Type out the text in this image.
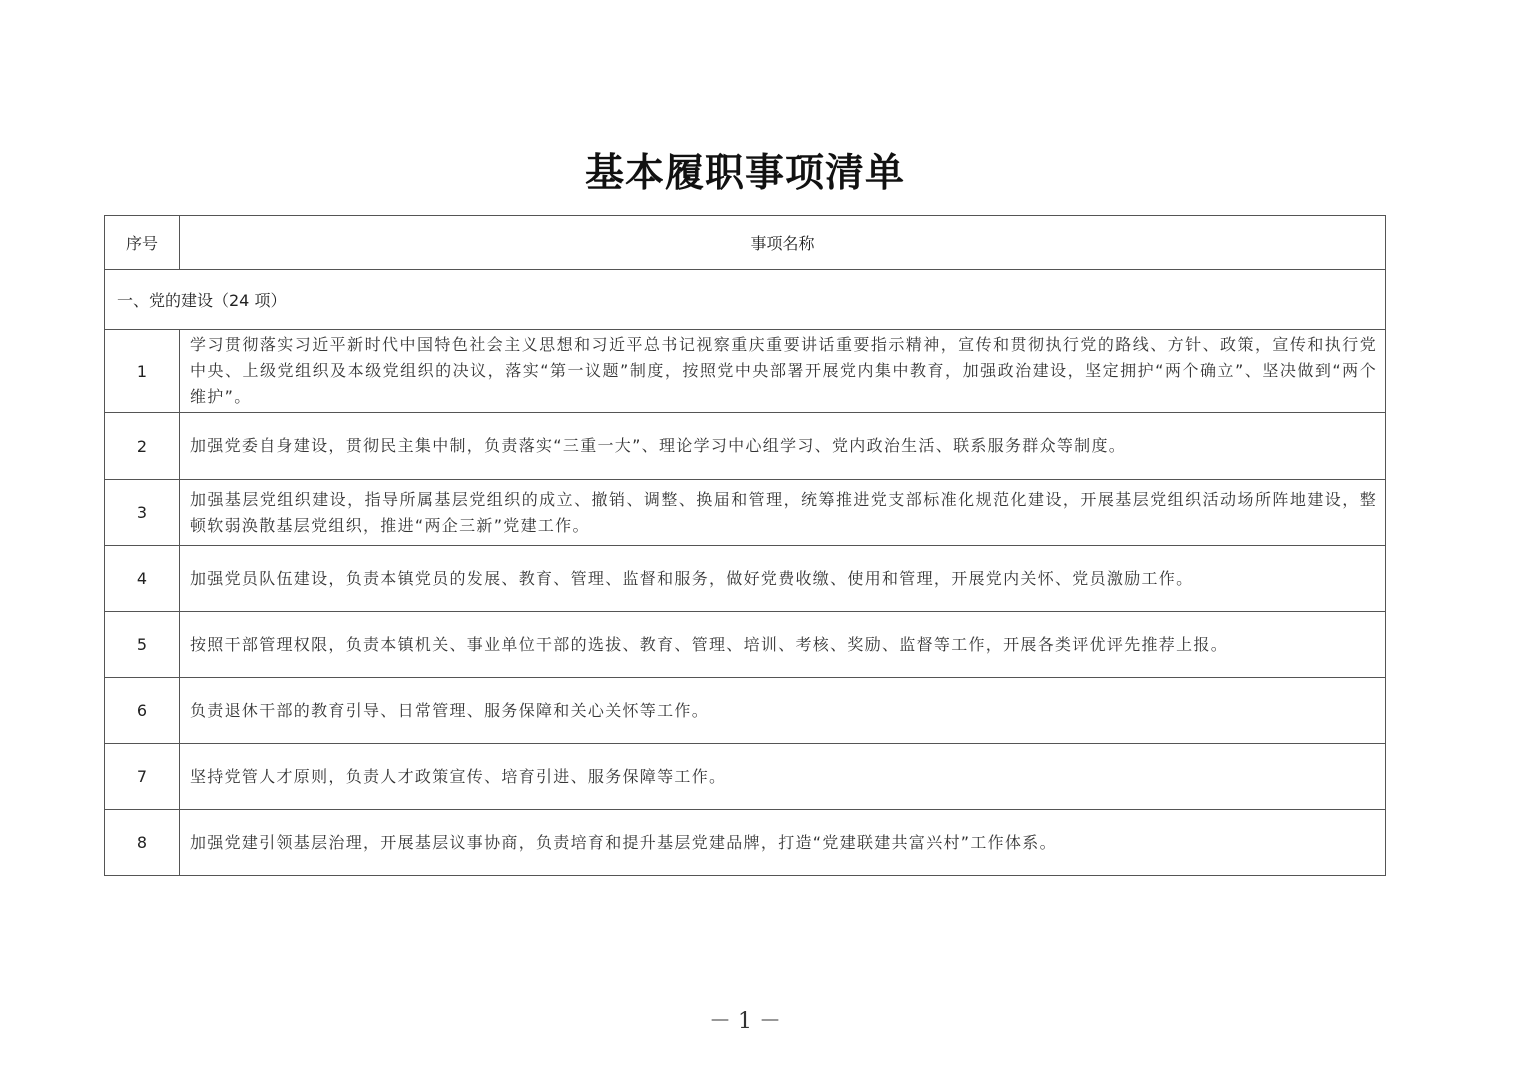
基本履职事项清单
序号	事项名称
一、党的建设（24 项）	
1	学习贯彻落实习近平新时代中国特色社会主义思想和习近平总书记视察重庆重要讲话重要指示精神，宣传和贯彻执行党的路线、方针、政策，宣传和执行党中央、上级党组织及本级党组织的决议，落实“第一议题”制度，按照党中央部署开展党内集中教育，加强政治建设，坚定拥护“两个确立”、坚决做到“两个维护”。
2	加强党委自身建设，贯彻民主集中制，负责落实“三重一大”、理论学习中心组学习、党内政治生活、联系服务群众等制度。
3	加强基层党组织建设，指导所属基层党组织的成立、撤销、调整、换届和管理，统筹推进党支部标准化规范化建设，开展基层党组织活动场所阵地建设，整顿软弱涣散基层党组织，推进“两企三新”党建工作。
4	加强党员队伍建设，负责本镇党员的发展、教育、管理、监督和服务，做好党费收缴、使用和管理，开展党内关怀、党员激励工作。
5	按照干部管理权限，负责本镇机关、事业单位干部的选拔、教育、管理、培训、考核、奖励、监督等工作，开展各类评优评先推荐上报。
6	负责退休干部的教育引导、日常管理、服务保障和关心关怀等工作。
7	坚持党管人才原则，负责人才政策宣传、培育引进、服务保障等工作。
8	加强党建引领基层治理，开展基层议事协商，负责培育和提升基层党建品牌，打造“党建联建共富兴村”工作体系。
－ 1 －
